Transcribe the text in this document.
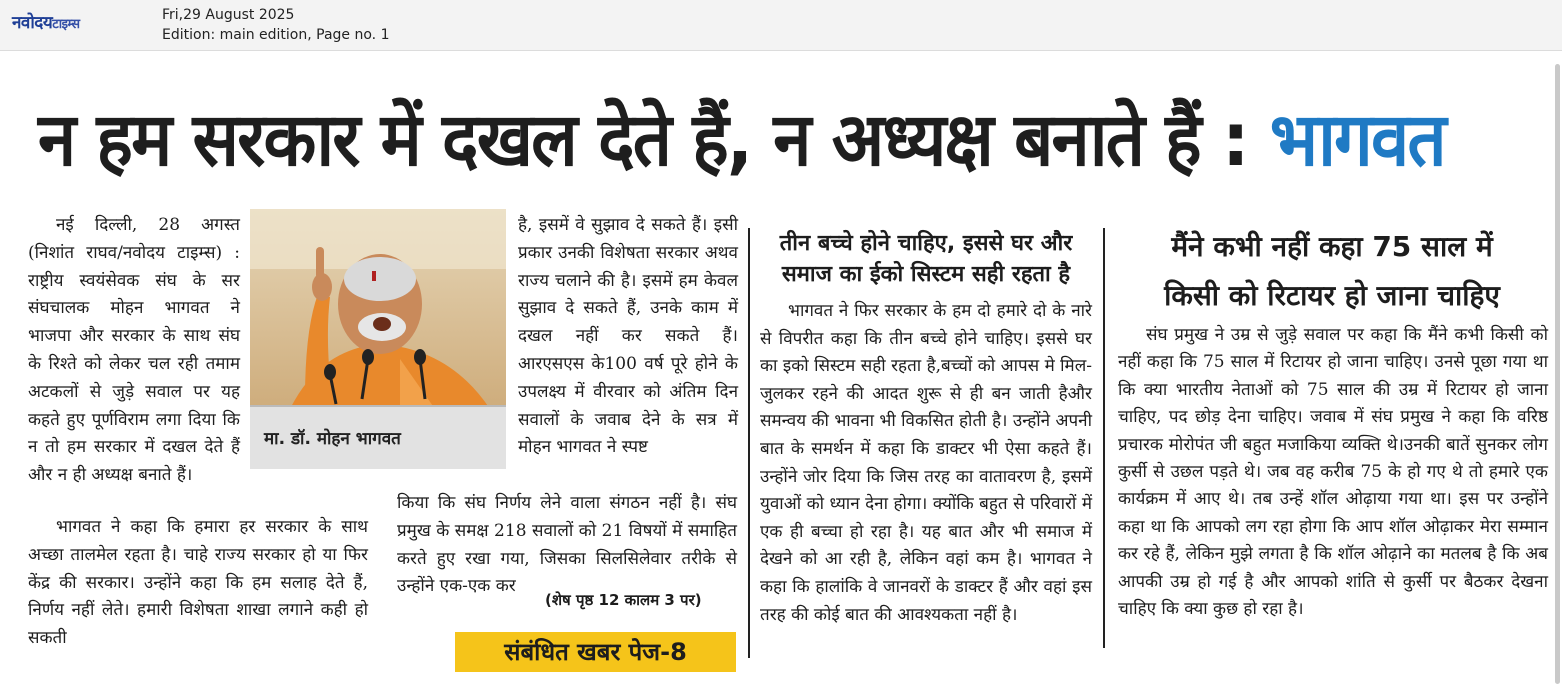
नवोदयटाइम्स
Fri,29 August 2025
Edition: main edition, Page no. 1
न हम सरकार में दखल देते हैं, न अध्यक्ष बनाते हैं : भागवत

नई दिल्ली, 28 अगस्त (निशांत राघव/नवोदय टाइम्स) : राष्ट्रीय स्वयंसेवक संघ के सर संघचालक मोहन भागवत ने भाजपा और सरकार के साथ संघ के रिश्ते को लेकर चल रही तमाम अटकलों से जुड़े सवाल पर यह कहते हुए पूर्णविराम लगा दिया कि न तो हम सरकार में दखल देते हैं और न ही अध्यक्ष बनाते हैं।

भागवत ने कहा कि हमारा हर सरकार के साथ अच्छा तालमेल रहता है। चाहे राज्य सरकार हो या फिर केंद्र की सरकार। उन्होंने कहा कि हम सलाह देते हैं, निर्णय नहीं लेते। हमारी विशेषता शाखा लगाने कही हो सकती

मा. डॉ. मोहन भागवत

है, इसमें वे सुझाव दे सकते हैं। इसी प्रकार उनकी विशेषता सरकार अथव राज्य चलाने की है। इसमें हम केवल सुझाव दे सकते हैं, उनके काम में दखल नहीं कर सकते हैं। आरएसएस के100 वर्ष पूरे होने के उपलक्ष्य में वीरवार को अंतिम दिन सवालों के जवाब देने के सत्र में मोहन भागवत ने स्पष्ट

किया कि संघ निर्णय लेने वाला संगठन नहीं है। संघ प्रमुख के समक्ष 218 सवालों को 21 विषयों में समाहित करते हुए रखा गया, जिसका सिलसिलेवार तरीके से उन्होंने एक-एक कर

(शेष पृष्ठ 12 कालम 3 पर)
संबंधित खबर पेज-8
तीन बच्चे होने चाहिए, इससे घर और
समाज का ईको सिस्टम सही रहता है

भागवत ने फिर सरकार के हम दो हमारे दो के नारे से विपरीत कहा कि तीन बच्चे होने चाहिए। इससे घर का इको सिस्टम सही रहता है,बच्चों को आपस मे मिल-जुलकर रहने की आदत शुरू से ही बन जाती हैऔर समन्वय की भावना भी विकसित होती है। उन्होंने अपनी बात के समर्थन में कहा कि डाक्टर भी ऐसा कहते हैं।उन्होंने जोर दिया कि जिस तरह का वातावरण है, इसमें युवाओं को ध्यान देना होगा। क्योंकि बहुत से परिवारों में एक ही बच्चा हो रहा है। यह बात और भी समाज में देखने को आ रही है, लेकिन वहां कम है। भागवत ने कहा कि हालांकि वे जानवरों के डाक्टर हैं और वहां इस तरह की कोई बात की आवश्यकता नहीं है।

मैंने कभी नहीं कहा 75 साल में
किसी को रिटायर हो जाना चाहिए

संघ प्रमुख ने उम्र से जुड़े सवाल पर कहा कि मैंने कभी किसी को नहीं कहा कि 75 साल में रिटायर हो जाना चाहिए। उनसे पूछा गया था कि क्या भारतीय नेताओं को 75 साल की उम्र में रिटायर हो जाना चाहिए, पद छोड़ देना चाहिए। जवाब में संघ प्रमुख ने कहा कि वरिष्ठ प्रचारक मोरोपंत जी बहुत मजाकिया व्यक्ति थे।उनकी बातें सुनकर लोग कुर्सी से उछल पड़ते थे। जब वह करीब 75 के हो गए थे तो हमारे एक कार्यक्रम में आए थे। तब उन्हें शॉल ओढ़ाया गया था। इस पर उन्होंने कहा था कि आपको लग रहा होगा कि आप शॉल ओढ़ाकर मेरा सम्मान कर रहे हैं, लेकिन मुझे लगता है कि शॉल ओढ़ाने का मतलब है कि अब आपकी उम्र हो गई है और आपको शांति से कुर्सी पर बैठकर देखना चाहिए कि क्या कुछ हो रहा है।
